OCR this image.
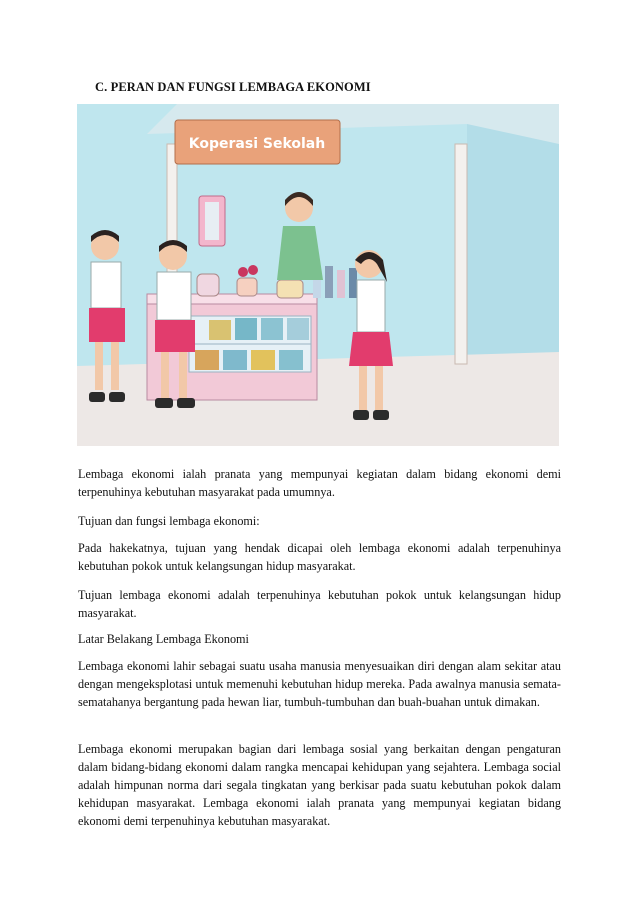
C. PERAN DAN FUNGSI LEMBAGA EKONOMI
Koperasi Sekolah
Lembaga ekonomi ialah pranata yang mempunyai kegiatan dalam bidang ekonomi demi terpenuhinya kebutuhan masyarakat pada umumnya.
Tujuan dan fungsi lembaga ekonomi:
Pada hakekatnya, tujuan yang hendak dicapai oleh lembaga ekonomi adalah terpenuhinya kebutuhan pokok untuk kelangsungan hidup masyarakat.
Tujuan lembaga ekonomi adalah terpenuhinya kebutuhan pokok untuk kelangsungan hidup masyarakat.
Latar Belakang Lembaga Ekonomi
Lembaga ekonomi lahir sebagai suatu usaha manusia menyesuaikan diri dengan alam sekitar atau dengan mengeksplotasi untuk memenuhi kebutuhan hidup mereka. Pada awalnya manusia semata-sematahanya bergantung pada hewan liar, tumbuh-tumbuhan dan buah-buahan untuk dimakan.
Lembaga ekonomi merupakan bagian dari lembaga sosial yang berkaitan dengan pengaturan dalam bidang-bidang ekonomi dalam rangka mencapai kehidupan yang sejahtera. Lembaga social adalah himpunan norma dari segala tingkatan yang berkisar pada suatu kebutuhan pokok dalam kehidupan masyarakat. Lembaga ekonomi ialah pranata yang mempunyai kegiatan bidang ekonomi demi terpenuhinya kebutuhan masyarakat.
